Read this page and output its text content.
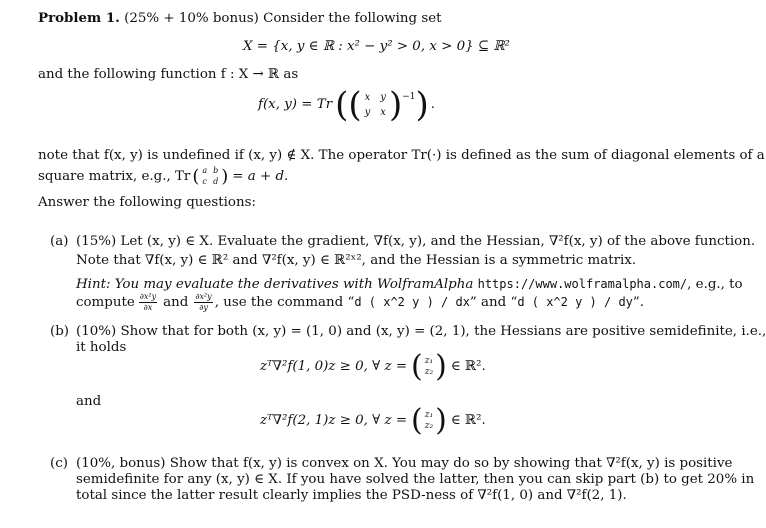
Problem 1. (25% + 10% bonus) Consider the following set
X = {x, y ∈ ℝ : x² − y² > 0, x > 0} ⊆ ℝ²
and the following function f : X → ℝ as
f(x, y) = Tr ( ( x y
y x ) −1 ) .
note that f(x, y) is undefined if (x, y) ∉ X. The operator Tr(·) is defined as the sum of diagonal elements of a
square matrix, e.g., Tr ( a b
c d ) = a + d.
Answer the following questions:
(a) (15%) Let (x, y) ∈ X. Evaluate the gradient, ∇f(x, y), and the Hessian, ∇²f(x, y) of the above function.
Note that ∇f(x, y) ∈ ℝ² and ∇²f(x, y) ∈ ℝ²ˣ², and the Hessian is a symmetric matrix.
Hint: You may evaluate the derivatives with WolframAlpha https://www.wolframalpha.com/, e.g., to
compute ∂x²y
∂x and ∂x²y
∂y , use the command “ d ( x^2 y ) / dx ” and “ d ( x^2 y ) / dy ”.
(b) (10%) Show that for both (x, y) = (1, 0) and (x, y) = (2, 1), the Hessians are positive semidefinite, i.e.,
it holds
zᵀ∇²f(1, 0)z ≥ 0, ∀ z = ( z₁
z₂ ) ∈ ℝ².
and
zᵀ∇²f(2, 1)z ≥ 0, ∀ z = ( z₁
z₂ ) ∈ ℝ².
(c) (10%, bonus) Show that f(x, y) is convex on X. You may do so by showing that ∇²f(x, y) is positive
semidefinite for any (x, y) ∈ X. If you have solved the latter, then you can skip part (b) to get 20% in
total since the latter result clearly implies the PSD-ness of ∇²f(1, 0) and ∇²f(2, 1).
